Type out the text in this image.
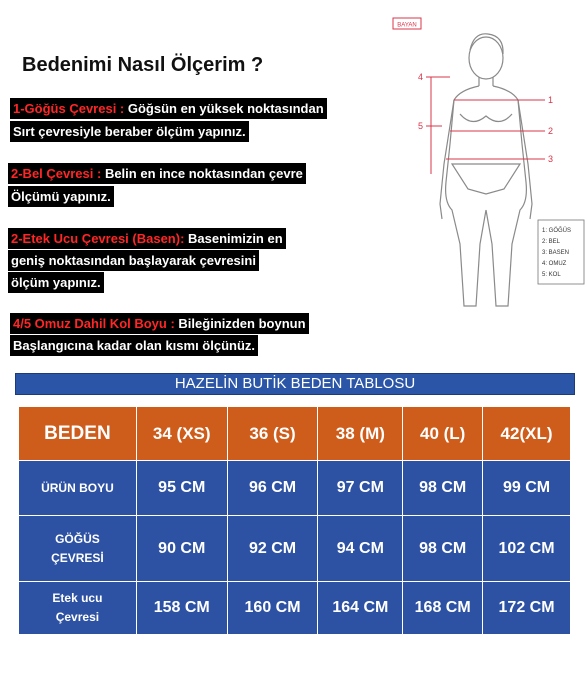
Bedenimi Nasıl Ölçerim ?
1-Göğüs Çevresi : Göğsün en yüksek noktasından
Sırt çevresiyle beraber ölçüm yapınız.
2-Bel Çevresi : Belin en ince noktasından çevre
Ölçümü yapınız.
2-Etek Ucu Çevresi (Basen): Basenimizin en
geniş noktasından başlayarak çevresini
ölçüm yapınız.
4/5 Omuz Dahil Kol Boyu : Bileğinizden boynun
Başlangıcına kadar olan kısmı ölçünüz.
BAYAN
4
5
1
2
3
1: GÖĞÜS
2: BEL
3: BASEN
4: OMUZ
5: KOL
HAZELİN BUTİK BEDEN TABLOSU
BEDEN	34 (XS)	36 (S)	38 (M)	40 (L)	42(XL)
ÜRÜN BOYU	95 CM	96 CM	97 CM	98 CM	99 CM
GÖĞÜS
ÇEVRESİ	90 CM	92 CM	94 CM	98 CM	102 CM
Etek ucu
Çevresi	158 CM	160 CM	164 CM	168 CM	172 CM
